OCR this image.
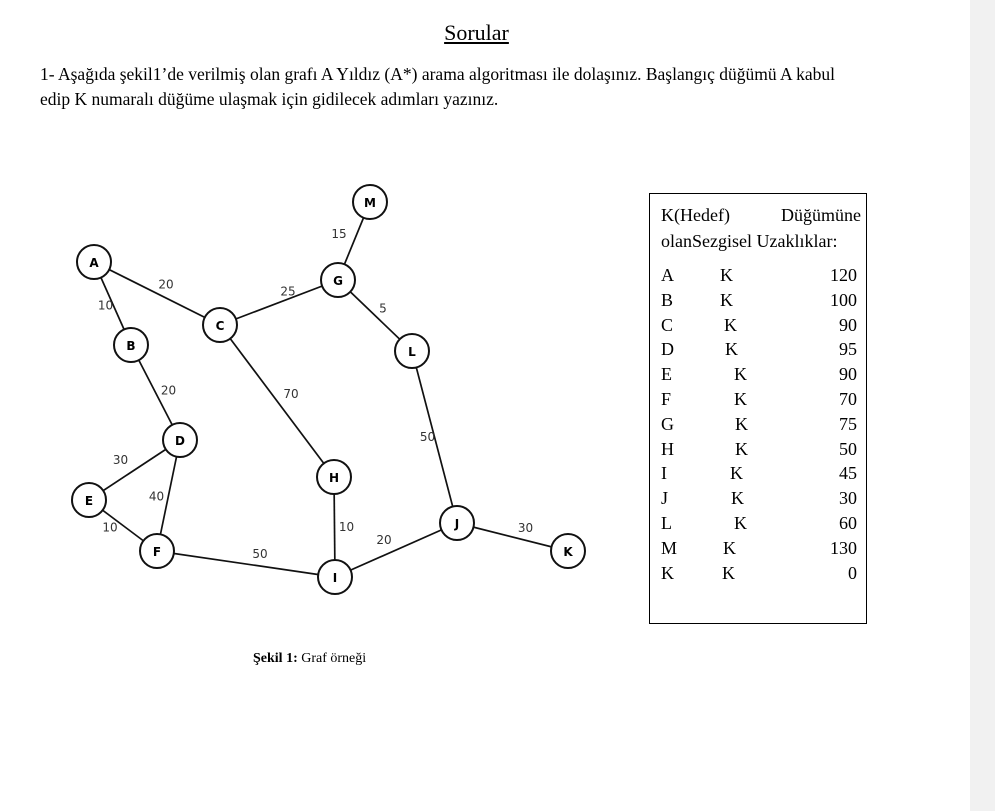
Sorular
1- Aşağıda şekil1’de verilmiş olan grafı A Yıldız (A*) arama algoritması ile dolaşınız. Başlangıç düğümü A kabul
edip K numaralı düğüme ulaşmak için gidilecek adımları yazınız.
10
20
20
25
15
5
70
50
30
40
10
50
10
20
30
A
B
C
D
E
F
G
H
I
J
K
L
M
Şekil 1: Graf örneği
K(Hedef)	Düğümüne
olanSezgisel Uzaklıklar:
A	K	120
B	K	100
C	K	90
D	K	95
E	K	90
F	K	70
G	K	75
H	K	50
I	K	45
J	K	30
L	K	60
M	K	130
K	K	0
